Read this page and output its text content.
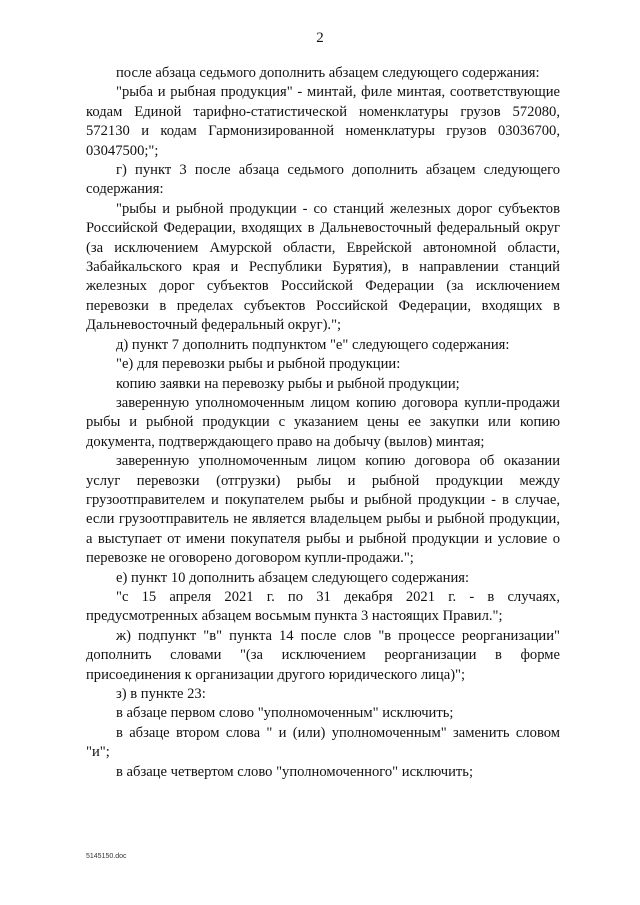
2

после абзаца седьмого дополнить абзацем следующего содержания:

"рыба и рыбная продукция" - минтай, филе минтая, соответствующие кодам Единой тарифно-статистической номенклатуры грузов 572080, 572130 и кодам Гармонизированной номенклатуры грузов 03036700, 03047500;";

г) пункт 3 после абзаца седьмого дополнить абзацем следующего содержания:

"рыбы и рыбной продукции - со станций железных дорог субъектов Российской Федерации, входящих в Дальневосточный федеральный округ (за исключением Амурской области, Еврейской автономной области, Забайкальского края и Республики Бурятия), в направлении станций железных дорог субъектов Российской Федерации (за исключением перевозки в пределах субъектов Российской Федерации, входящих в Дальневосточный федеральный округ).";

д) пункт 7 дополнить подпунктом "е" следующего содержания:

"е) для перевозки рыбы и рыбной продукции:

копию заявки на перевозку рыбы и рыбной продукции;

заверенную уполномоченным лицом копию договора купли-продажи рыбы и рыбной продукции с указанием цены ее закупки или копию документа, подтверждающего право на добычу (вылов) минтая;

заверенную уполномоченным лицом копию договора об оказании услуг перевозки (отгрузки) рыбы и рыбной продукции между грузоотправителем и покупателем рыбы и рыбной продукции - в случае, если грузоотправитель не является владельцем рыбы и рыбной продукции, а выступает от имени покупателя рыбы и рыбной продукции и условие о перевозке не оговорено договором купли-продажи.";

е) пункт 10 дополнить абзацем следующего содержания:

"с 15 апреля 2021 г. по 31 декабря 2021 г. - в случаях, предусмотренных абзацем восьмым пункта 3 настоящих Правил.";

ж) подпункт "в" пункта 14 после слов "в процессе реорганизации" дополнить словами "(за исключением реорганизации в форме присоединения к организации другого юридического лица)";

з) в пункте 23:

в абзаце первом слово "уполномоченным" исключить;

в абзаце втором слова " и (или) уполномоченным" заменить словом "и";

в абзаце четвертом слово "уполномоченного" исключить;

5145150.doc
